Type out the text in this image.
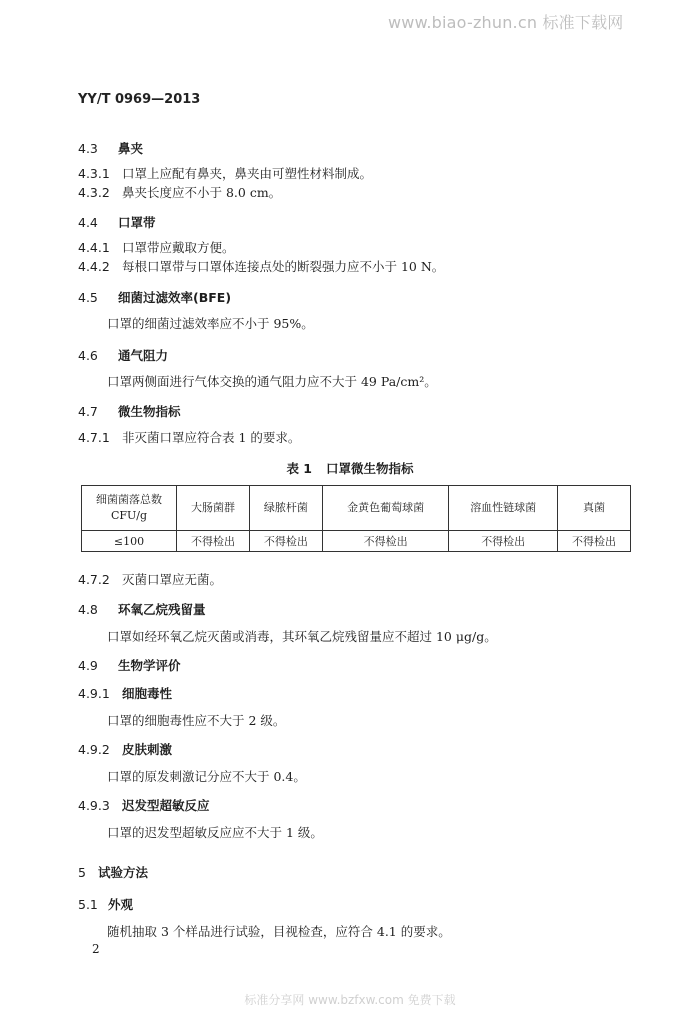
www.biao-zhun.cn 标准下载网
YY/T 0969—2013
4.3 鼻夹
4.3.1 口罩上应配有鼻夹，鼻夹由可塑性材料制成。
4.3.2 鼻夹长度应不小于 8.0 cm。
4.4 口罩带
4.4.1 口罩带应戴取方便。
4.4.2 每根口罩带与口罩体连接点处的断裂强力应不小于 10 N。
4.5 细菌过滤效率(BFE)
口罩的细菌过滤效率应不小于 95%。
4.6 通气阻力
口罩两侧面进行气体交换的通气阻力应不大于 49 Pa/cm²。
4.7 微生物指标
4.7.1 非灭菌口罩应符合表 1 的要求。
表 1 口罩微生物指标
细菌菌落总数
CFU/g	大肠菌群	绿脓杆菌	金黄色葡萄球菌	溶血性链球菌	真菌
≤100	不得检出	不得检出	不得检出	不得检出	不得检出
4.7.2 灭菌口罩应无菌。
4.8 环氧乙烷残留量
口罩如经环氧乙烷灭菌或消毒，其环氧乙烷残留量应不超过 10 μg/g。
4.9 生物学评价
4.9.1 细胞毒性
口罩的细胞毒性应不大于 2 级。
4.9.2 皮肤刺激
口罩的原发刺激记分应不大于 0.4。
4.9.3 迟发型超敏反应
口罩的迟发型超敏反应应不大于 1 级。
5 试验方法
5.1 外观
随机抽取 3 个样品进行试验，目视检查，应符合 4.1 的要求。
2
标准分享网 www.bzfxw.com 免费下载
